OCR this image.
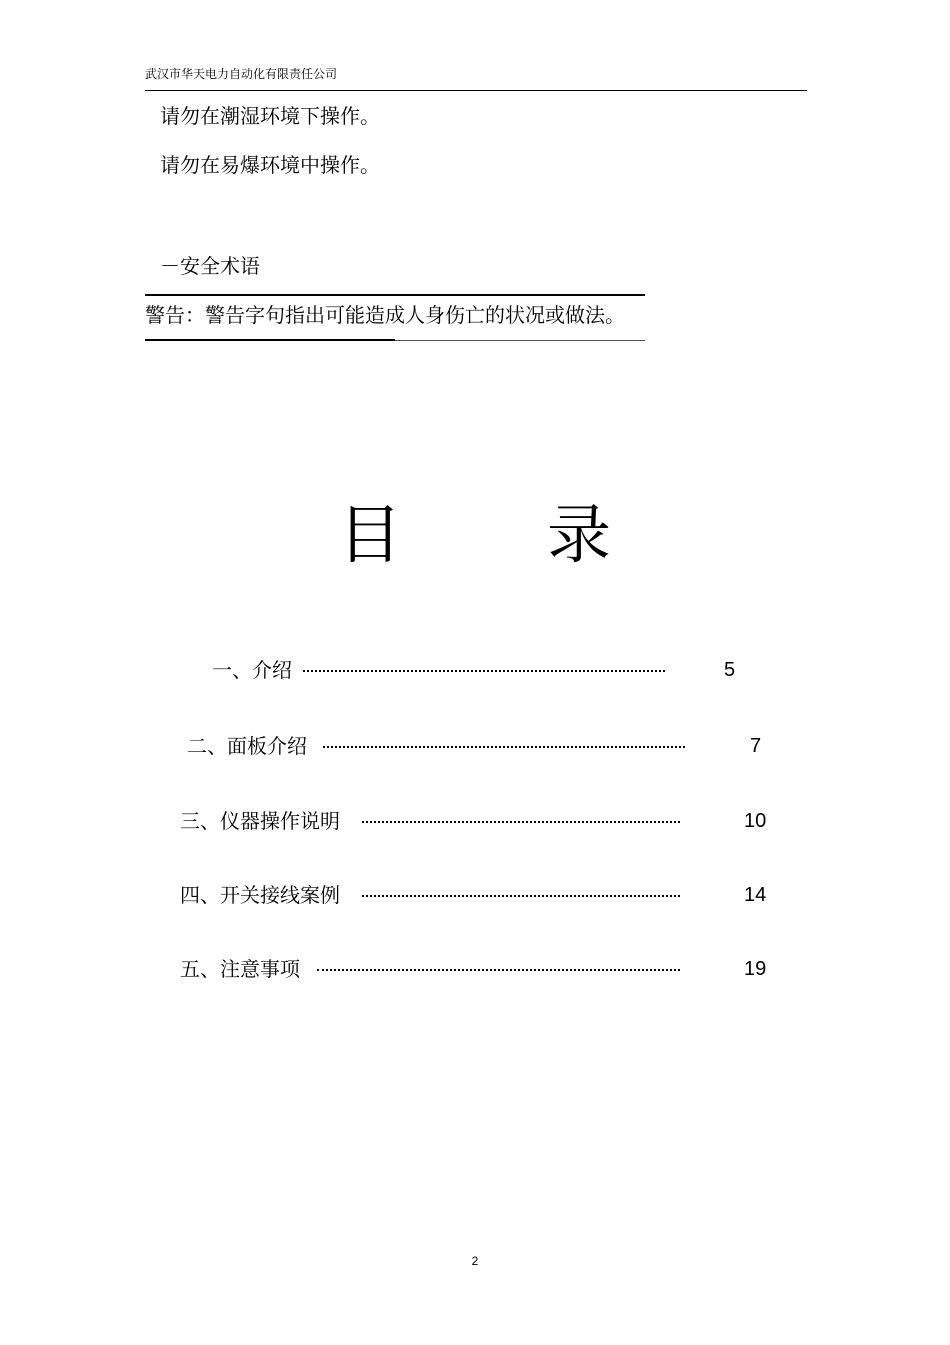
武汉市华天电力自动化有限责任公司
请勿在潮湿环境下操作。
请勿在易爆环境中操作。
－安全术语
警告：警告字句指出可能造成人身伤亡的状况或做法。
目 录
一、介绍	5
二、面板介绍	7
三、仪器操作说明	10
四、开关接线案例	14
五、注意事项	19
2
